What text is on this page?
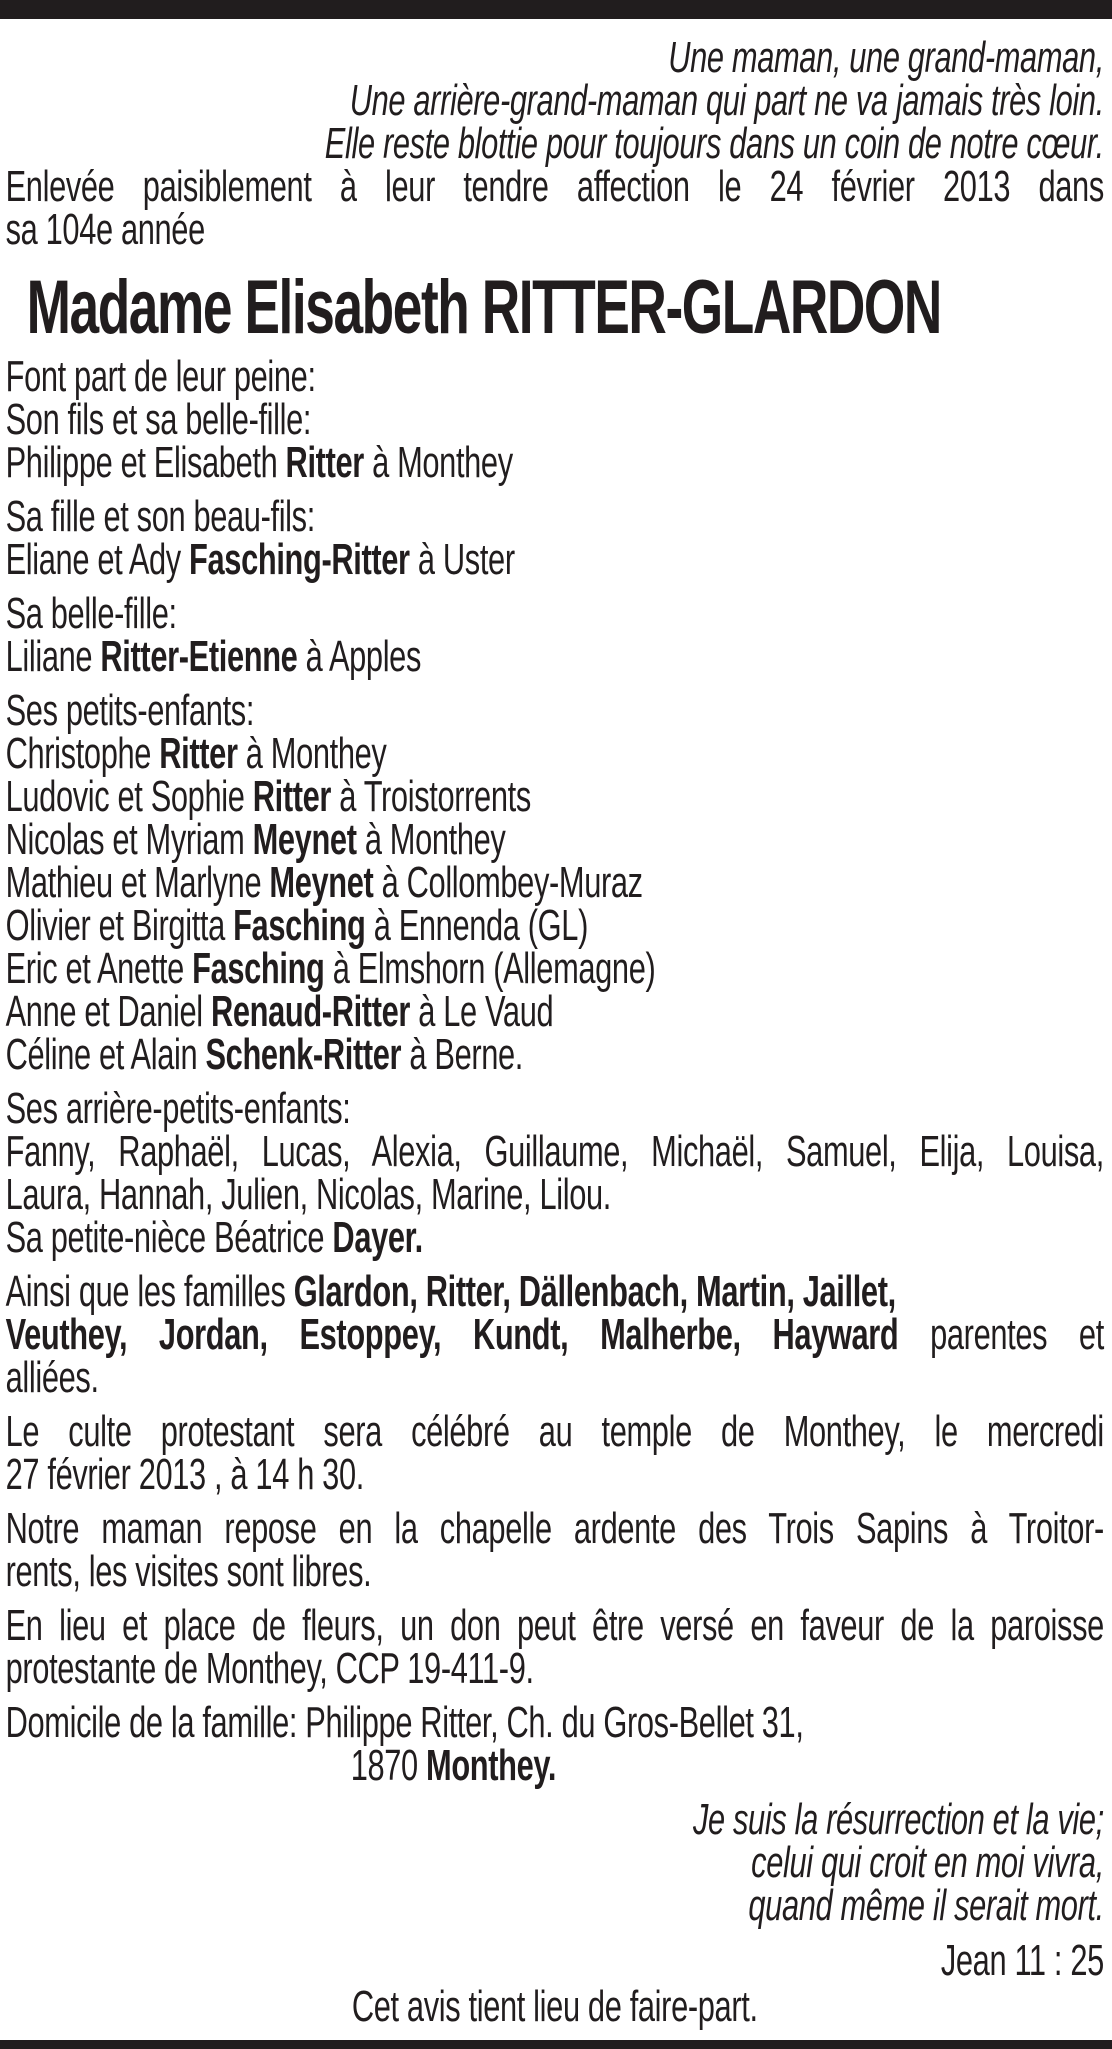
Une maman, une grand-maman,
Une arrière-grand-maman qui part ne va jamais très loin.
Elle reste blottie pour toujours dans un coin de notre cœur.
Enlevée paisiblement à leur tendre affection le 24 février 2013 dans
sa 104e année
Madame Elisabeth RITTER-GLARDON
Font part de leur peine:
Son fils et sa belle-fille:
Philippe et Elisabeth Ritter à Monthey
Sa fille et son beau-fils:
Eliane et Ady Fasching-Ritter à Uster
Sa belle-fille:
Liliane Ritter-Etienne à Apples
Ses petits-enfants:
Christophe Ritter à Monthey
Ludovic et Sophie Ritter à Troistorrents
Nicolas et Myriam Meynet à Monthey
Mathieu et Marlyne Meynet à Collombey-Muraz
Olivier et Birgitta Fasching à Ennenda (GL)
Eric et Anette Fasching à Elmshorn (Allemagne)
Anne et Daniel Renaud-Ritter à Le Vaud
Céline et Alain Schenk-Ritter à Berne.
Ses arrière-petits-enfants:
Fanny, Raphaël, Lucas, Alexia, Guillaume, Michaël, Samuel, Elija, Louisa,
Laura, Hannah, Julien, Nicolas, Marine, Lilou.
Sa petite-nièce Béatrice Dayer.
Ainsi que les familles Glardon, Ritter, Dällenbach, Martin, Jaillet,
Veuthey, Jordan, Estoppey, Kundt, Malherbe, Hayward parentes et
alliées.
Le culte protestant sera célébré au temple de Monthey, le mercredi
27 février 2013 , à 14 h 30.
Notre maman repose en la chapelle ardente des Trois Sapins à Troitor-
rents, les visites sont libres.
En lieu et place de fleurs, un don peut être versé en faveur de la paroisse
protestante de Monthey, CCP 19-411-9.
Domicile de la famille: Philippe Ritter, Ch. du Gros-Bellet 31,
1870 Monthey.
Je suis la résurrection et la vie;
celui qui croit en moi vivra,
quand même il serait mort.
Jean 11 : 25
Cet avis tient lieu de faire-part.
